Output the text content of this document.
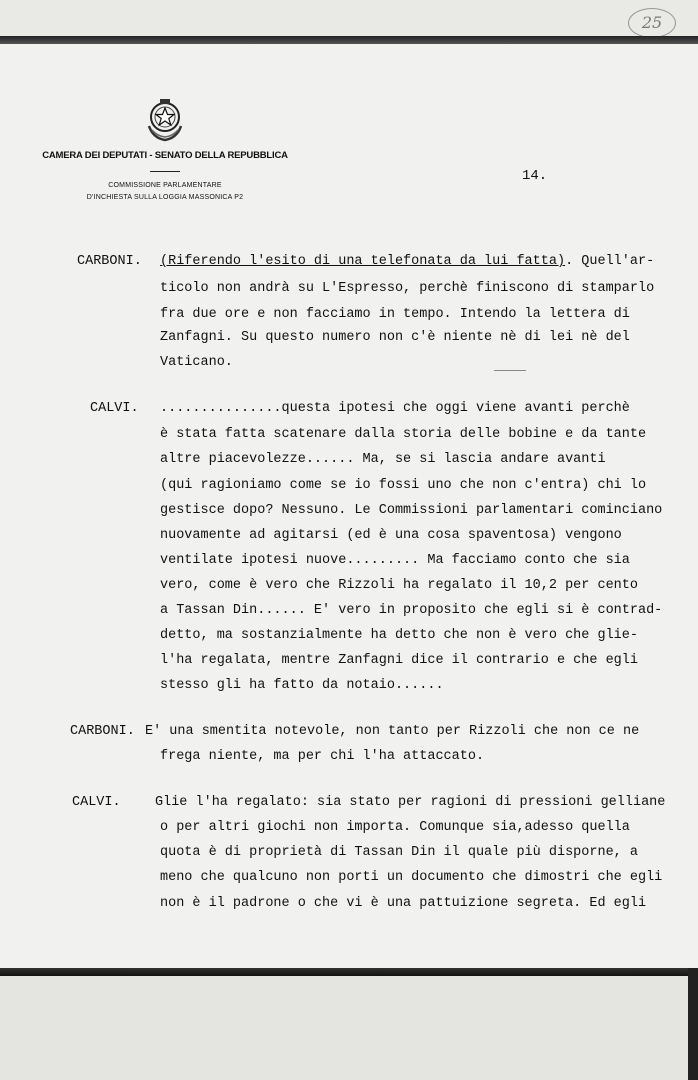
25
CAMERA DEI DEPUTATI - SENATO DELLA REPUBBLICA
COMMISSIONE PARLAMENTARE
D'INCHIESTA SULLA LOGGIA MASSONICA P2
14.
CARBONI. (Riferendo l'esito di una telefonata da lui fatta). Quell'ar-
ticolo non andrà su L'Espresso, perchè finiscono di stamparlo
fra due ore e non facciamo in tempo. Intendo la lettera di
Zanfagni. Su questo numero non c'è niente nè di lei nè del
Vaticano.
CALVI. ...............questa ipotesi che oggi viene avanti perchè
è stata fatta scatenare dalla storia delle bobine e da tante
altre piacevolezze...... Ma, se si lascia andare avanti
(qui ragioniamo come se io fossi uno che non c'entra) chi lo
gestisce dopo? Nessuno. Le Commissioni parlamentari cominciano
nuovamente ad agitarsi (ed è una cosa spaventosa) vengono
ventilate ipotesi nuove......... Ma facciamo conto che sia
vero, come è vero che Rizzoli ha regalato il 10,2 per cento
a Tassan Din...... E' vero in proposito che egli si è contrad-
detto, ma sostanzialmente ha detto che non è vero che glie-
l'ha regalata, mentre Zanfagni dice il contrario e che egli
stesso gli ha fatto da notaio......
CARBONI. E' una smentita notevole, non tanto per Rizzoli che non ce ne
frega niente, ma per chi l'ha attaccato.
CALVI.	Glie l'ha regalato: sia stato per ragioni di pressioni gelliane
o per altri giochi non importa. Comunque sia,adesso quella
quota è di proprietà di Tassan Din il quale più disporne, a
meno che qualcuno non porti un documento che dimostri che egli
non è il padrone o che vi è una pattuizione segreta. Ed egli
